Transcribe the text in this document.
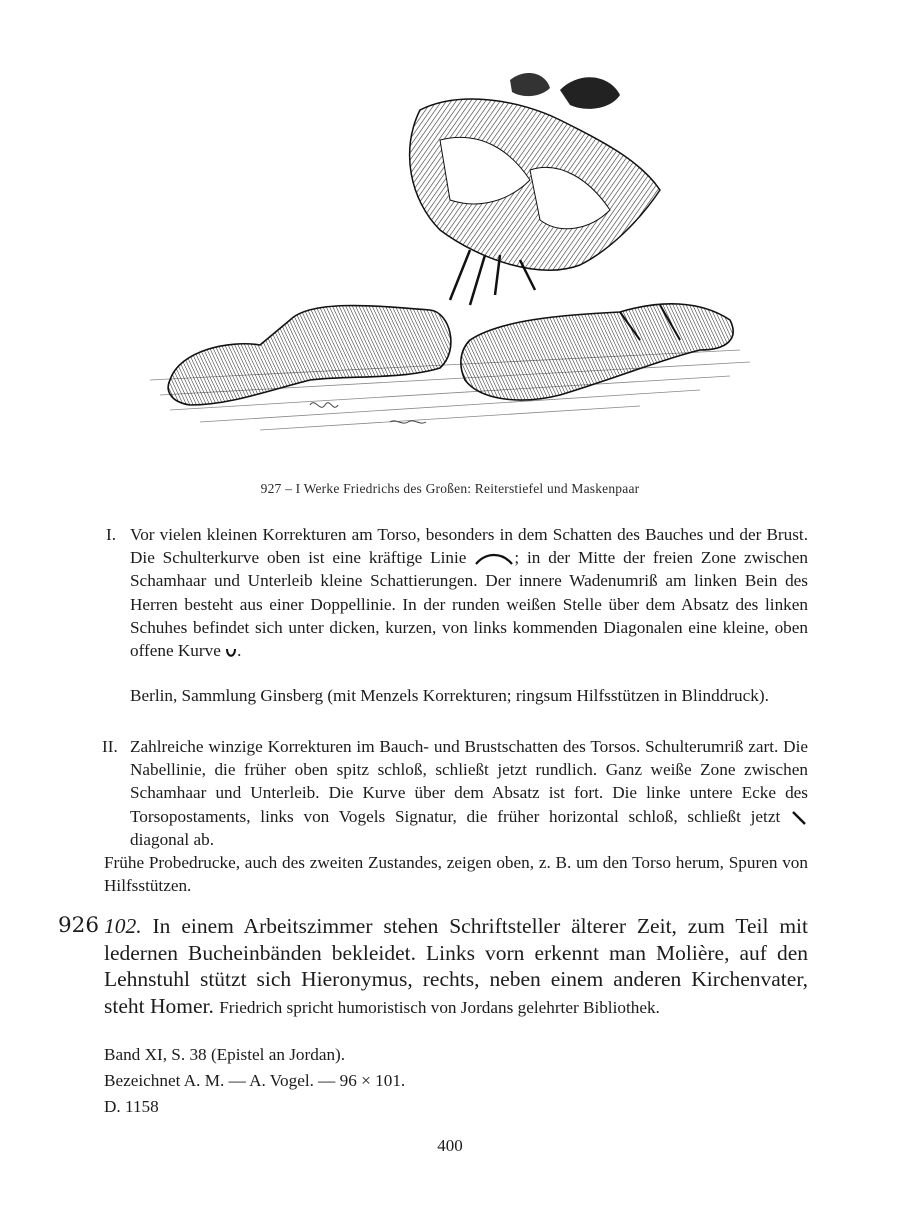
927 – I Werke Friedrichs des Großen: Reiterstiefel und Maskenpaar
I. Vor vielen kleinen Korrekturen am Torso, besonders in dem Schatten des Bauches und der Brust. Die Schulterkurve oben ist eine kräftige Linie	; in der Mitte der freien Zone zwischen Schamhaar und Unterleib kleine Schattierungen. Der innere Wadenumriß am linken Bein des Herren besteht aus einer Doppellinie. In der runden weißen Stelle über dem Absatz des linken Schuhes befindet sich unter dicken, kurzen, von links kommenden Diagonalen eine kleine, oben offene Kurve .

Berlin, Sammlung Ginsberg (mit Menzels Korrekturen; ringsum Hilfsstützen in Blinddruck).

II. Zahlreiche winzige Korrekturen im Bauch- und Brustschatten des Torsos. Schulterumriß zart. Die Nabellinie, die früher oben spitz schloß, schließt jetzt rundlich. Ganz weiße Zone zwischen Schamhaar und Unterleib. Die Kurve über dem Absatz ist fort. Die linke untere Ecke des Torsopostaments, links von Vogels Signatur, die früher horizontal schloß, schließt jetzt  diagonal ab.

Frühe Probedrucke, auch des zweiten Zustandes, zeigen oben, z. B. um den Torso herum, Spuren von Hilfsstützen.

926 102. In einem Arbeitszimmer stehen Schriftsteller älterer Zeit, zum Teil mit ledernen Bucheinbänden bekleidet. Links vorn erkennt man Molière, auf den Lehnstuhl stützt sich Hieronymus, rechts, neben einem anderen Kirchenvater, steht Homer. Friedrich spricht humoristisch von Jordans gelehrter Bibliothek.

Band XI, S. 38 (Epistel an Jordan).
Bezeichnet A. M. — A. Vogel. — 96 × 101.
D. 1158
400
